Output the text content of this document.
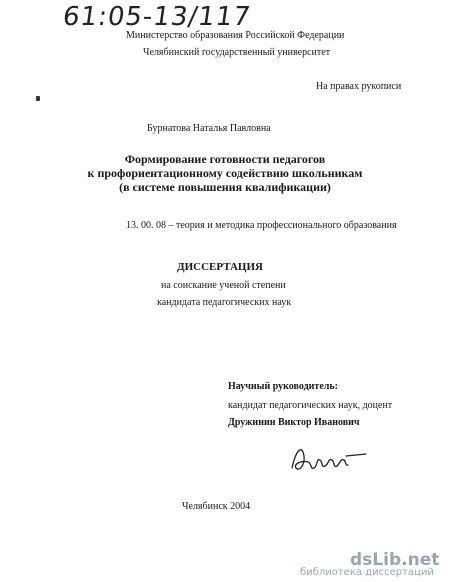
61:05-13/117
Министерство образования Российской Федерации
Челябинский государственный университет
На правах рукописи
Бурнатова Наталья Павловна
Формирование готовности педагогов
к профориентационному содействию школьникам
(в системе повышения квалификации)
13. 00. 08 – теория и методика профессионального образования
ДИССЕРТАЦИЯ
на соискание ученой степени
кандидата педагогических наук
Научный руководитель:
кандидат педагогических наук, доцент
Дружинин Виктор Иванович
Челябинск 2004
dsLib.net
библиотека диссертаций
